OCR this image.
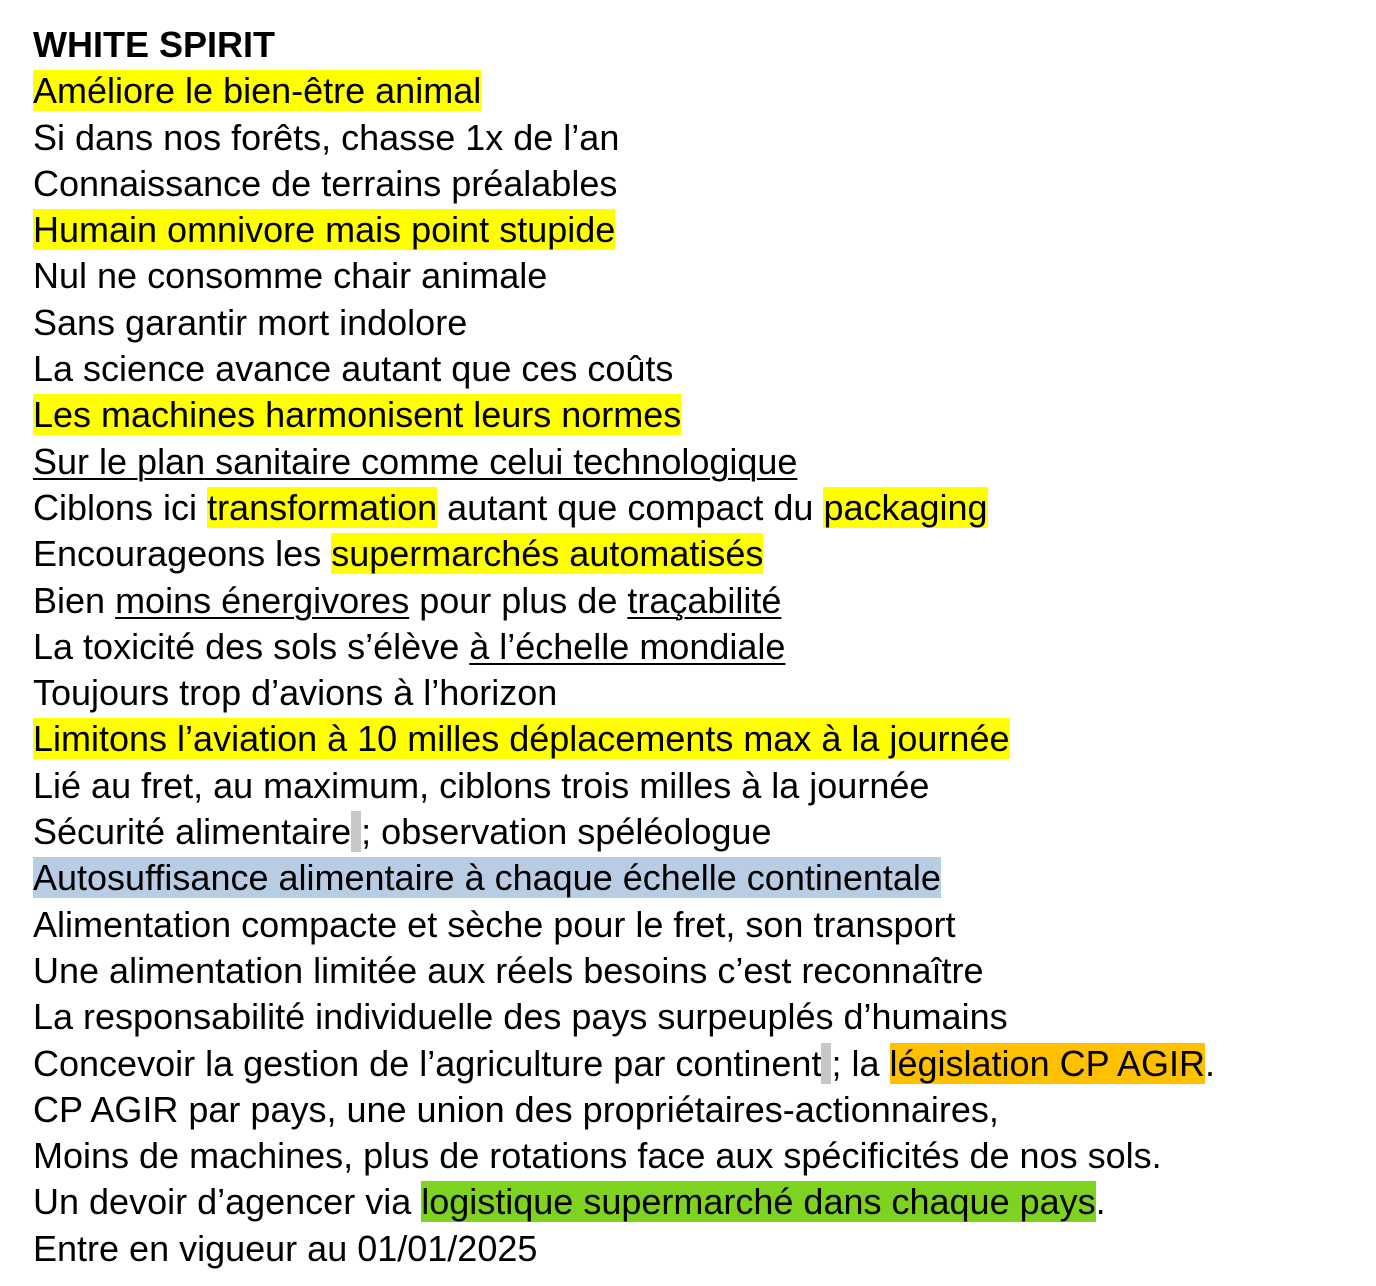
WHITE SPIRIT
Améliore le bien-être animal
Si dans nos forêts, chasse 1x de l’an
Connaissance de terrains préalables
Humain omnivore mais point stupide
Nul ne consomme chair animale
Sans garantir mort indolore
La science avance autant que ces coûts
Les machines harmonisent leurs normes
Sur le plan sanitaire comme celui technologique
Ciblons ici transformation autant que compact du packaging
Encourageons les supermarchés automatisés
Bien moins énergivores pour plus de traçabilité
La toxicité des sols s’élève à l’échelle mondiale
Toujours trop d’avions à l’horizon
Limitons l’aviation à 10 milles déplacements max à la journée
Lié au fret, au maximum, ciblons trois milles à la journée
Sécurité alimentaire ; observation spéléologue
Autosuffisance alimentaire à chaque échelle continentale
Alimentation compacte et sèche pour le fret, son transport
Une alimentation limitée aux réels besoins c’est reconnaître
La responsabilité individuelle des pays surpeuplés d’humains
Concevoir la gestion de l’agriculture par continent ; la législation CP AGIR.
CP AGIR par pays, une union des propriétaires-actionnaires,
Moins de machines, plus de rotations face aux spécificités de nos sols.
Un devoir d’agencer via logistique supermarché dans chaque pays.
Entre en vigueur au 01/01/2025
